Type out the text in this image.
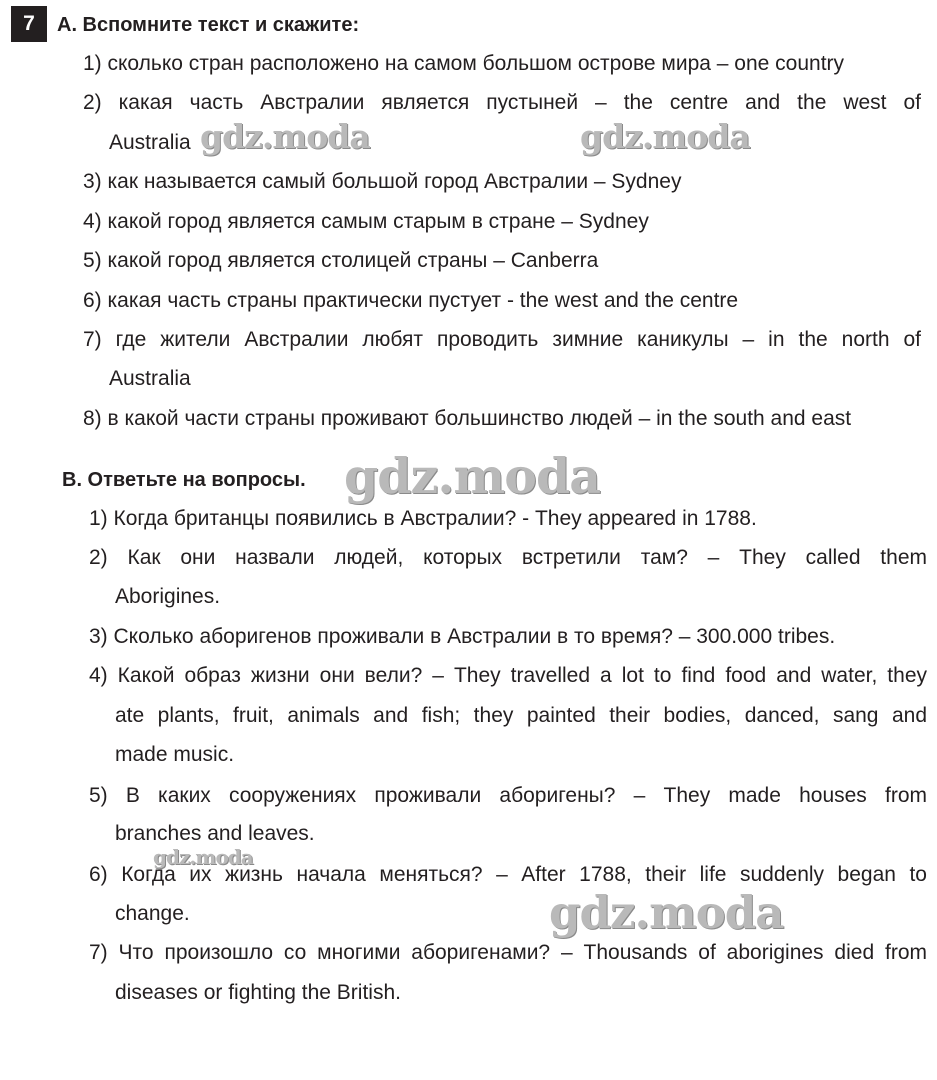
7	A. Вспомните текст и скажите:
1) сколько стран расположено на самом большом острове мира – one country
2) какая часть Австралии является пустыней – the centre and the west of
Australia
3) как называется самый большой город Австралии – Sydney
4) какой город является самым старым в стране – Sydney
5) какой город является столицей страны – Canberra
6) какая часть страны практически пустует - the west and the centre
7) где жители Австралии любят проводить зимние каникулы – in the north of
Australia
8) в какой части страны проживают большинство людей – in the south and east
B. Ответьте на вопросы.
1) Когда британцы появились в Австралии? - They appeared in 1788.
2) Как они назвали людей, которых встретили там? – They called them
Aborigines.
3) Сколько аборигенов проживали в Австралии в то время? – 300.000 tribes.
4) Какой образ жизни они вели? – They travelled a lot to find food and water, they
ate plants, fruit, animals and fish; they painted their bodies, danced, sang and
made music.
5) В каких сооружениях проживали аборигены? – They made houses from
branches and leaves.
6) Когда их жизнь начала меняться? – After 1788, their life suddenly began to
change.
7) Что произошло со многими аборигенами? – Thousands of aborigines died from
diseases or fighting the British.
gdz.moda	gdz.moda
gdz.moda
gdz.moda
gdz.moda
